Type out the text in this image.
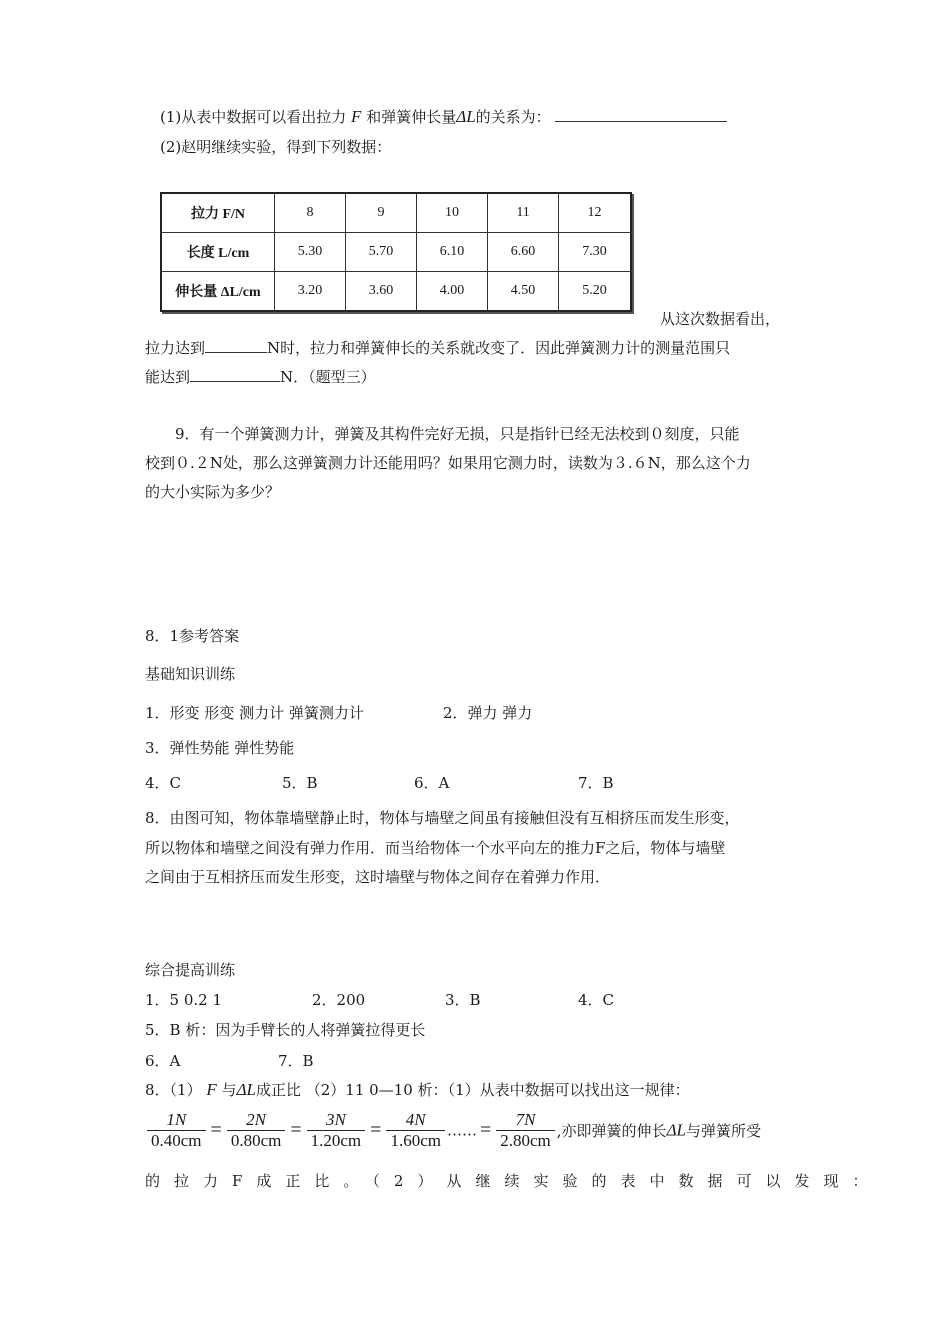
(1)从表中数据可以看出拉力 F 和弹簧伸长量ΔL的关系为：
(2)赵明继续实验，得到下列数据：
拉力 F/N	8	9	10	11	12
长度 L/cm	5.30	5.70	6.10	6.60	7.30
伸长量 ΔL/cm	3.20	3.60	4.00	4.50	5.20
从这次数据看出，
拉力达到	N时，拉力和弹簧伸长的关系就改变了．因此弹簧测力计的测量范围只
能达到	N．（题型三）
9．有一个弹簧测力计，弹簧及其构件完好无损，只是指针已经无法校到０刻度，只能
校到０.２N处，那么这弹簧测力计还能用吗？如果用它测力时，读数为３.６N，那么这个力
的大小实际为多少？
8．1参考答案
基础知识训练
1．形变 形变 测力计 弹簧测力计	2．弹力 弹力
3．弹性势能 弹性势能
4．C	5．B	6．A	7．B
8．由图可知，物体靠墙壁静止时，物体与墙壁之间虽有接触但没有互相挤压而发生形变，
所以物体和墙壁之间没有弹力作用．而当给物体一个水平向左的推力F之后，物体与墙壁
之间由于互相挤压而发生形变，这时墙壁与物体之间存在着弹力作用．
综合提高训练
1．5 0.2 1	2．200	3．B	4．C
5．B 析：因为手臂长的人将弹簧拉得更长
6．A	7．B
8．（1） F 与ΔL成正比 （2）11 0—10 析：（1）从表中数据可以找出这一规律：
$\frac{1N}{0.40cm} = \frac{2N}{0.80cm} = \frac{3N}{1.20cm} = \frac{4N}{1.60cm}$ …… = $\frac{7N}{2.80cm}$ ,亦即弹簧的伸长ΔL与弹簧所受
的拉力F成正比。（2）从继续实验的表中数据可以发现：
